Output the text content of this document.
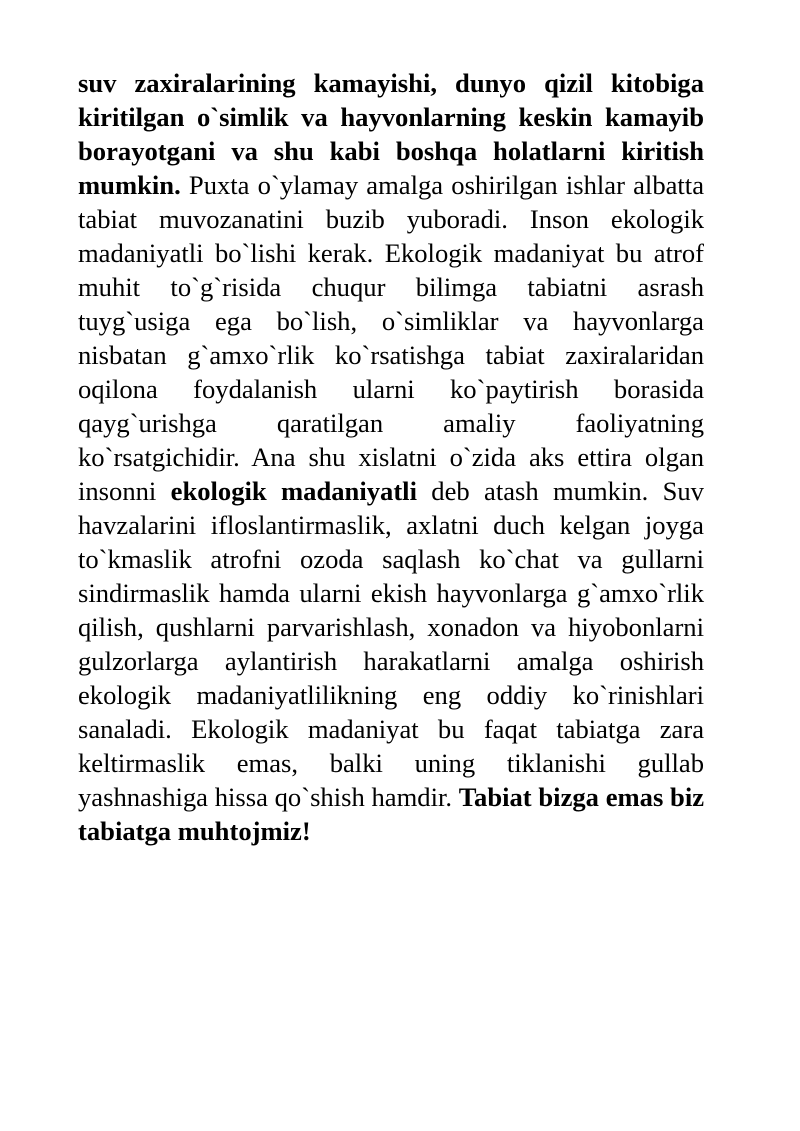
suv zaxiralarining kamayishi, dunyo qizil kitobiga kiritilgan o`simlik va hayvonlarning keskin kamayib borayotgani va shu kabi boshqa holatlarni kiritish mumkin. Puxta o`ylamay amalga oshirilgan ishlar albatta tabiat muvozanatini buzib yuboradi. Inson ekologik madaniyatli bo`lishi kerak. Ekologik madaniyat bu atrof muhit to`g`risida chuqur bilimga tabiatni asrash tuyg`usiga ega bo`lish, o`simliklar va hayvonlarga nisbatan g`amxo`rlik ko`rsatishga tabiat zaxiralaridan oqilona foydalanish ularni ko`paytirish borasida qayg`urishga qaratilgan amaliy faoliyatning ko`rsatgichidir. Ana shu xislatni o`zida aks ettira olgan insonni ekologik madaniyatli deb atash mumkin. Suv havzalarini ifloslantirmaslik, axlatni duch kelgan joyga to`kmaslik atrofni ozoda saqlash ko`chat va gullarni sindirmaslik hamda ularni ekish hayvonlarga g`amxo`rlik qilish, qushlarni parvarishlash, xonadon va hiyobonlarni gulzorlarga aylantirish harakatlarni amalga oshirish ekologik madaniyatlilikning eng oddiy ko`rinishlari sanaladi. Ekologik madaniyat bu faqat tabiatga zara keltirmaslik emas, balki uning tiklanishi gullab yashnashiga hissa qo`shish hamdir. Tabiat bizga emas biz tabiatga muhtojmiz!
